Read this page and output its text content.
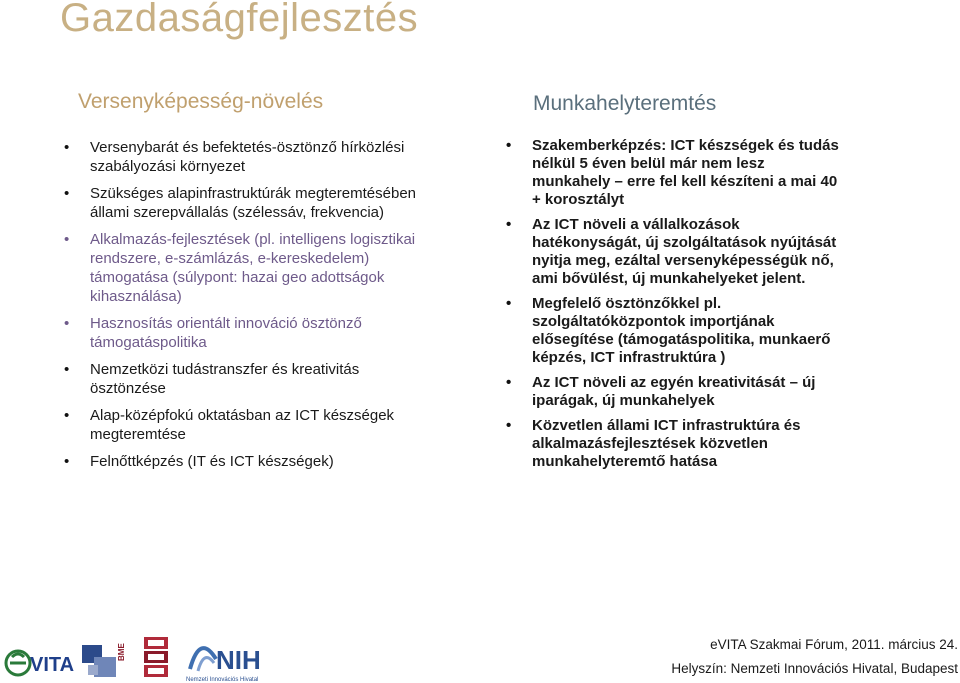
Gazdaságfejlesztés
Versenyképesség-növelés	Munkahelyteremtés
• Versenybarát és befektetés-ösztönző hírközlési szabályozási környezet
• Szükséges alapinfrastruktúrák megteremtésében állami szerepvállalás (szélessáv, frekvencia)
• Alkalmazás-fejlesztések (pl. intelligens logisztikai rendszere, e-számlázás, e-kereskedelem) támogatása (súlypont: hazai geo adottságok kihasználása)
• Hasznosítás orientált innováció ösztönző támogatáspolitika
• Nemzetközi tudástranszfer és kreativitás ösztönzése
• Alap-középfokú oktatásban az ICT készségek megteremtése
• Felnőttképzés (IT és ICT készségek)
• Szakemberképzés: ICT készségek és tudás nélkül 5 éven belül már nem lesz munkahely – erre fel kell készíteni a mai 40 + korosztályt
• Az ICT növeli a vállalkozások hatékonyságát, új szolgáltatások nyújtását nyitja meg, ezáltal versenyképességük nő, ami bővülést, új munkahelyeket jelent.
• Megfelelő ösztönzőkkel pl. szolgáltatóközpontok importjának elősegítése (támogatáspolitika, munkaerő képzés, ICT infrastruktúra )
• Az ICT növeli az egyén kreativitását – új iparágak, új munkahelyek
• Közvetlen állami ICT infrastruktúra és alkalmazásfejlesztések közvetlen munkahelyteremtő hatása
VITA
BME	NIH
Nemzeti Innovációs Hivatal
eVITA Szakmai Fórum, 2011. március 24.
Helyszín: Nemzeti Innovációs Hivatal, Budapest
